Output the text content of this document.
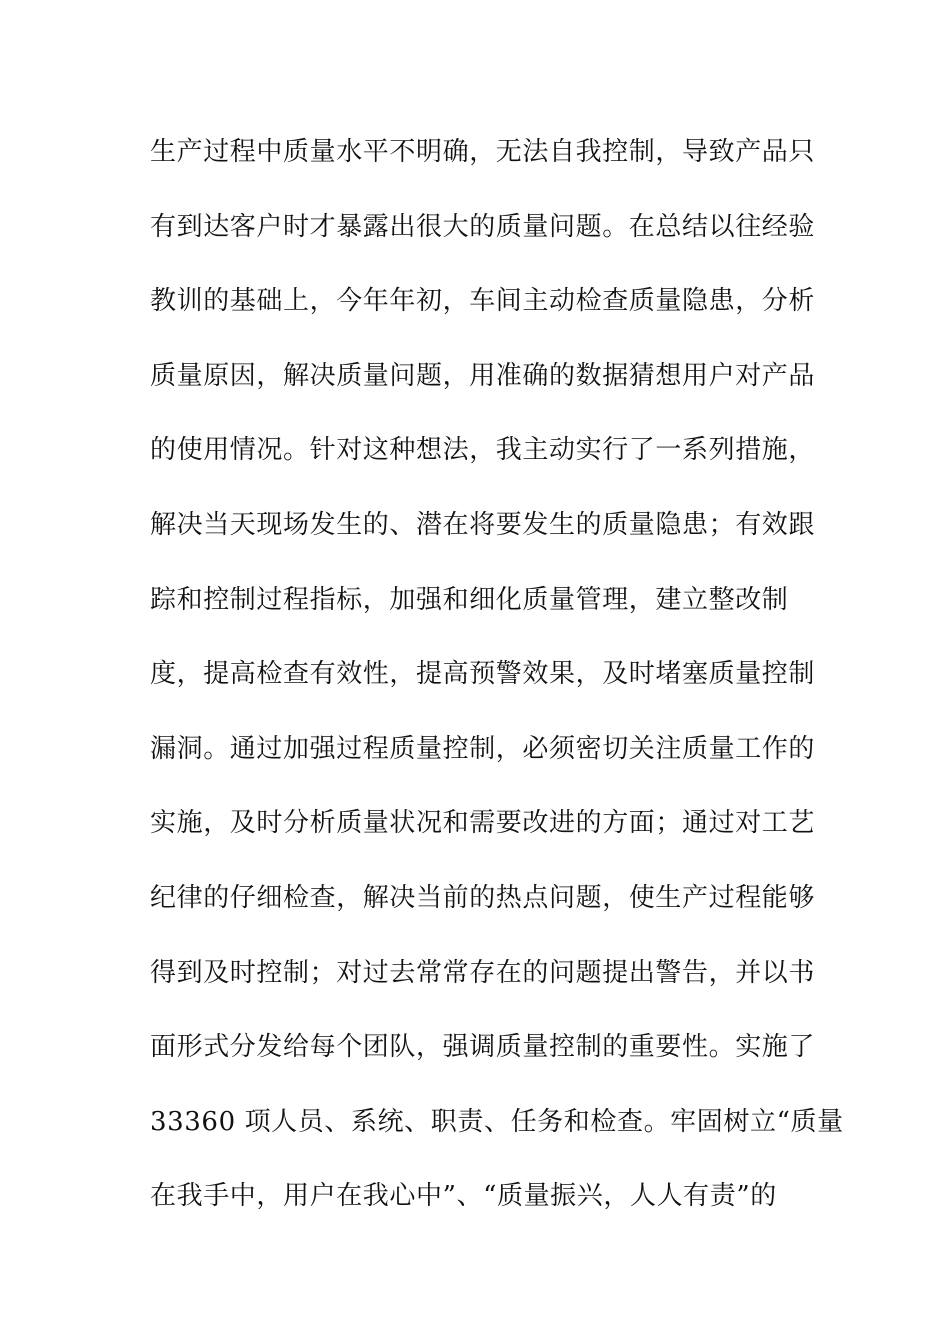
生产过程中质量水平不明确，无法自我控制，导致产品只
有到达客户时才暴露出很大的质量问题。在总结以往经验
教训的基础上，今年年初，车间主动检查质量隐患，分析
质量原因，解决质量问题，用准确的数据猜想用户对产品
的使用情况。针对这种想法，我主动实行了一系列措施，
解决当天现场发生的、潜在将要发生的质量隐患；有效跟
踪和控制过程指标，加强和细化质量管理，建立整改制
度，提高检查有效性，提高预警效果，及时堵塞质量控制
漏洞。通过加强过程质量控制，必须密切关注质量工作的
实施，及时分析质量状况和需要改进的方面；通过对工艺
纪律的仔细检查，解决当前的热点问题，使生产过程能够
得到及时控制；对过去常常存在的问题提出警告，并以书
面形式分发给每个团队，强调质量控制的重要性。实施了
33360 项人员、系统、职责、任务和检查。牢固树立“质量
在我手中，用户在我心中”、“质量振兴，人人有责”的
